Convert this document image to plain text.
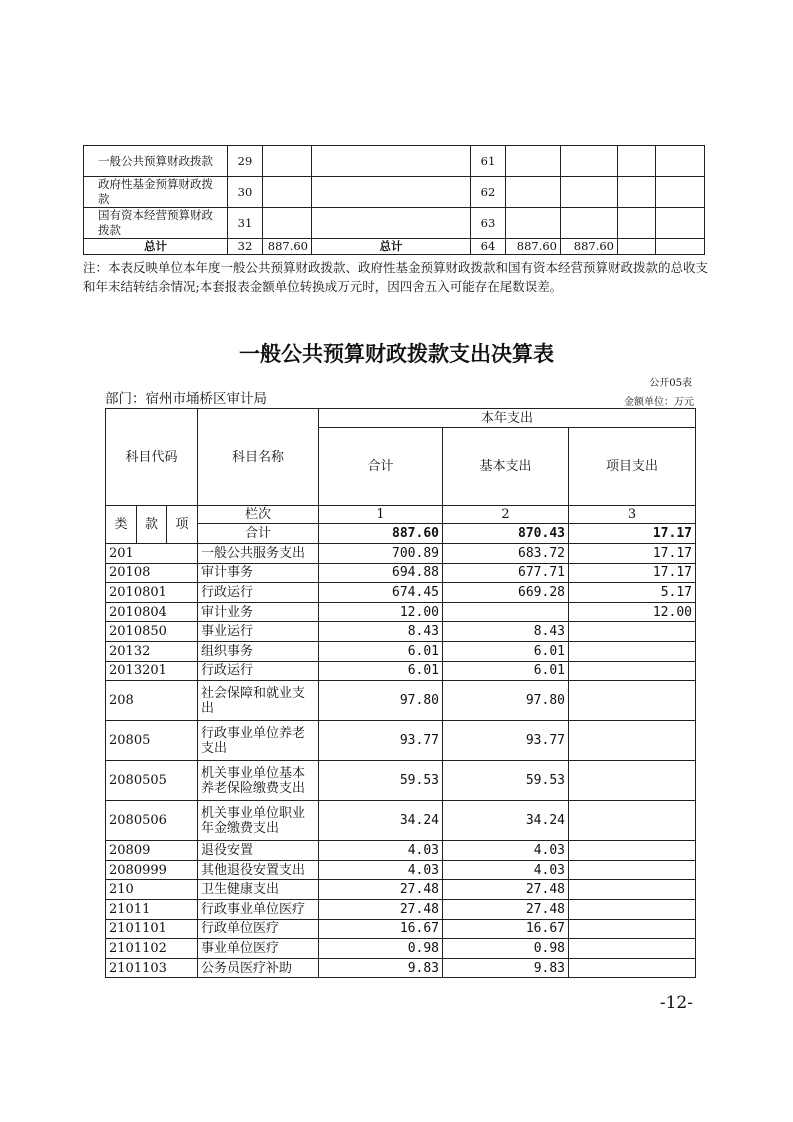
一般公共预算财政拨款	29			61				
政府性基金预算财政拨款	30			62				
国有资本经营预算财政拨款	31			63				
总计	32	887.60	总计	64	887.60	887.60		
注：本表反映单位本年度一般公共预算财政拨款、政府性基金预算财政拨款和国有资本经营预算财政拨款的总收支和年末结转结余情况;本套报表金额单位转换成万元时，因四舍五入可能存在尾数误差。
一般公共预算财政拨款支出决算表
公开05表
部门：宿州市埇桥区审计局	金额单位：万元
科目代码			科目名称	本年支出		
				合计	基本支出	项目支出
类	款	项	栏次	1	2	3
			合计	887.60	870.43	17.17
201			一般公共服务支出	700.89	683.72	17.17
20108			审计事务	694.88	677.71	17.17
2010801			行政运行	674.45	669.28	5.17
2010804			审计业务	12.00		12.00
2010850			事业运行	8.43	8.43	
20132			组织事务	6.01	6.01	
2013201			行政运行	6.01	6.01	
208			社会保障和就业支出	97.80	97.80	
20805			行政事业单位养老支出	93.77	93.77	
2080505			机关事业单位基本养老保险缴费支出	59.53	59.53	
2080506			机关事业单位职业年金缴费支出	34.24	34.24	
20809			退役安置	4.03	4.03	
2080999			其他退役安置支出	4.03	4.03	
210			卫生健康支出	27.48	27.48	
21011			行政事业单位医疗	27.48	27.48	
2101101			行政单位医疗	16.67	16.67	
2101102			事业单位医疗	0.98	0.98	
2101103			公务员医疗补助	9.83	9.83	
-12-
